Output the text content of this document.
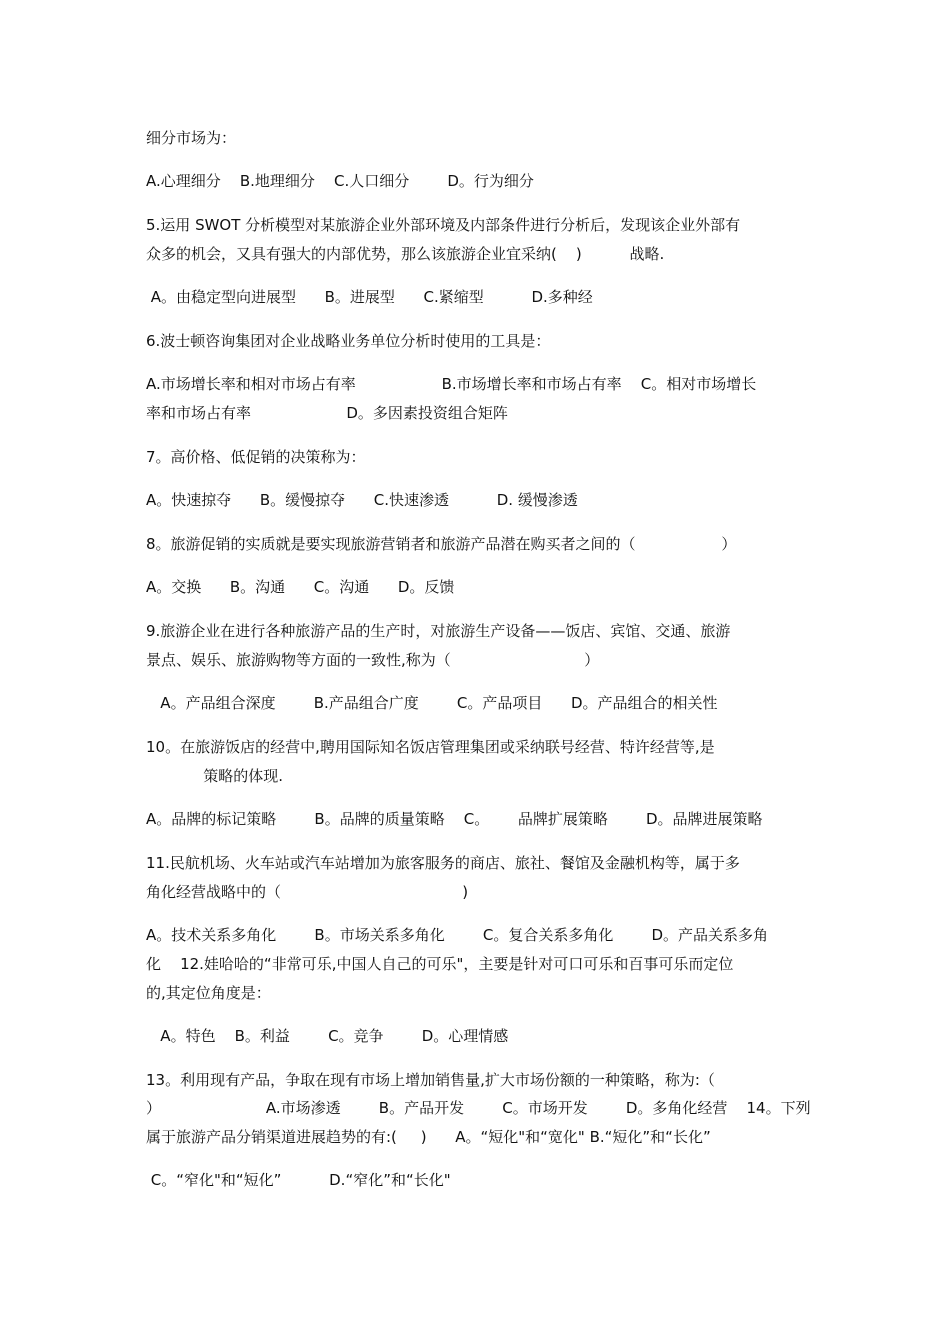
细分市场为：
A.心理细分    B.地理细分    C.人口细分        D。行为细分
5.运用 SWOT 分析模型对某旅游企业外部环境及内部条件进行分析后，发现该企业外部有
众多的机会，又具有强大的内部优势，那么该旅游企业宜采纳(    )          战略.
A。由稳定型向进展型      B。进展型      C.紧缩型          D.多种经
6.波士顿咨询集团对企业战略业务单位分析时使用的工具是：
A.市场增长率和相对市场占有率                  B.市场增长率和市场占有率    C。相对市场增长
率和市场占有率                    D。多因素投资组合矩阵
7。高价格、低促销的决策称为：
A。快速掠夺      B。缓慢掠夺      C.快速渗透          D. 缓慢渗透
8。旅游促销的实质就是要实现旅游营销者和旅游产品潜在购买者之间的（                  ）
A。交换      B。沟通      C。沟通      D。反馈
9.旅游企业在进行各种旅游产品的生产时，对旅游生产设备——饭店、宾馆、交通、旅游
景点、娱乐、旅游购物等方面的一致性,称为（                            ）
A。产品组合深度        B.产品组合广度        C。产品项目      D。产品组合的相关性
10。在旅游饭店的经营中,聘用国际知名饭店管理集团或采纳联号经营、特许经营等,是
策略的体现.
A。品牌的标记策略        B。品牌的质量策略    C。      品牌扩展策略        D。品牌进展策略
11.民航机场、火车站或汽车站增加为旅客服务的商店、旅社、餐馆及金融机构等，属于多
角化经营战略中的（                                      )
A。技术关系多角化        B。市场关系多角化        C。复合关系多角化        D。产品关系多角
化    12.娃哈哈的“非常可乐,中国人自己的可乐"，主要是针对可口可乐和百事可乐而定位
的,其定位角度是：
A。特色    B。利益        C。竞争        D。心理情感
13。利用现有产品，争取在现有市场上增加销售量,扩大市场份额的一种策略，称为:（
）                      A.市场渗透        B。产品开发        C。市场开发        D。多角化经营    14。下列
属于旅游产品分销渠道进展趋势的有:(     )      A。“短化"和“宽化" B.“短化”和“长化”
C。“窄化"和“短化”          D.“窄化”和“长化"
